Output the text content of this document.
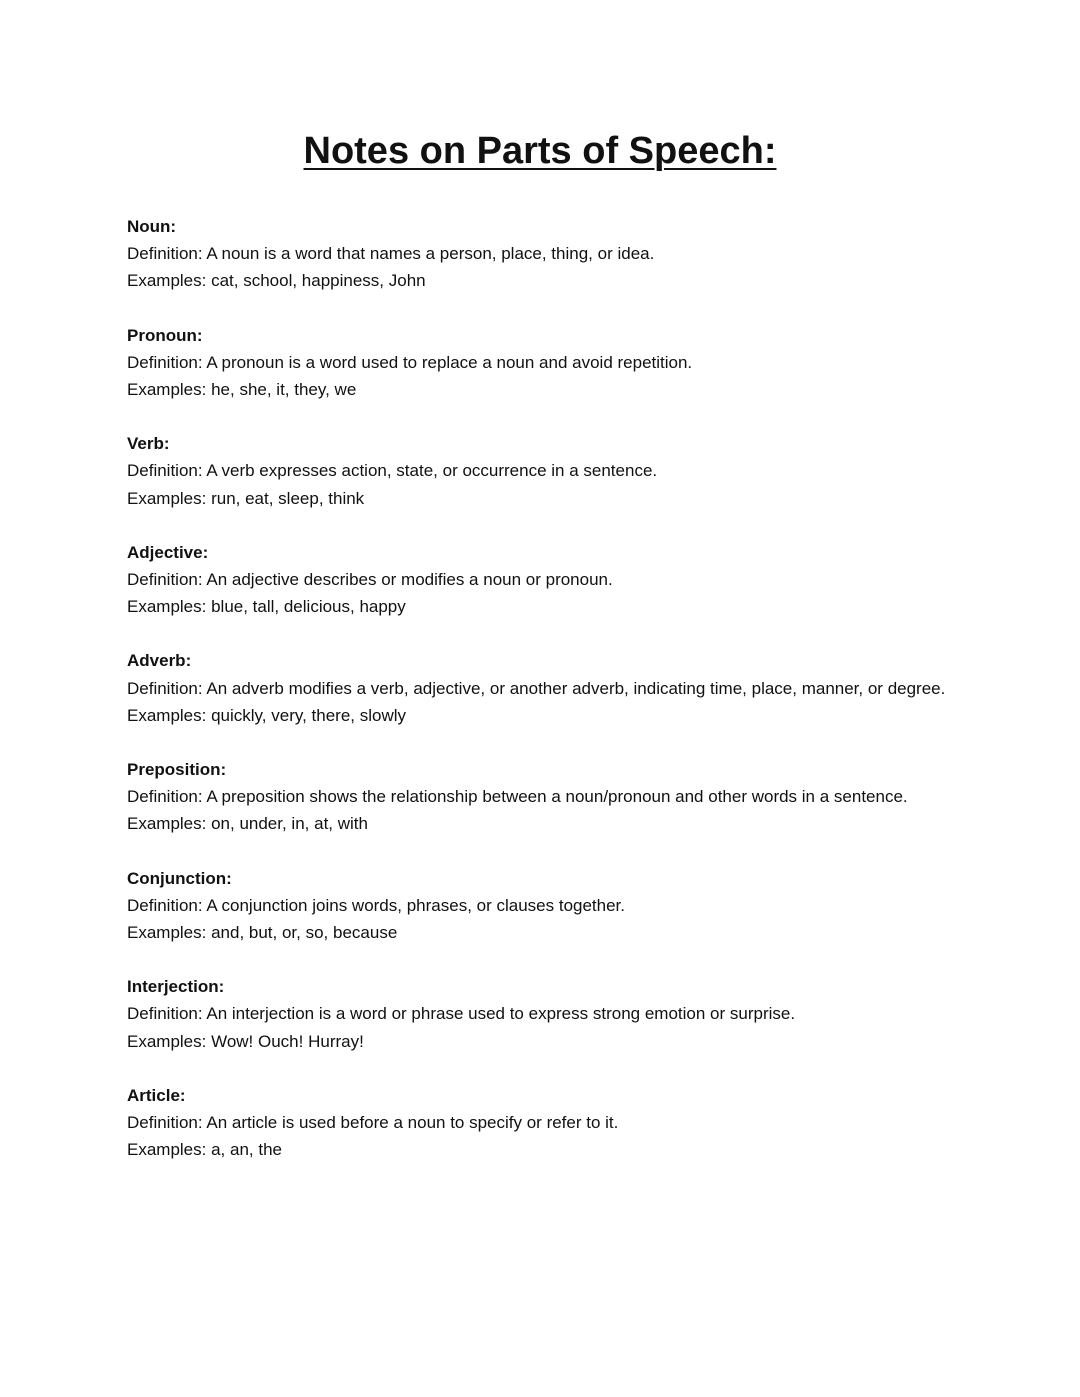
Notes on Parts of Speech:

Noun:

Definition: A noun is a word that names a person, place, thing, or idea.

Examples: cat, school, happiness, John

Pronoun:

Definition: A pronoun is a word used to replace a noun and avoid repetition.

Examples: he, she, it, they, we

Verb:

Definition: A verb expresses action, state, or occurrence in a sentence.

Examples: run, eat, sleep, think

Adjective:

Definition: An adjective describes or modifies a noun or pronoun.

Examples: blue, tall, delicious, happy

Adverb:

Definition: An adverb modifies a verb, adjective, or another adverb, indicating time, place, manner, or degree.

Examples: quickly, very, there, slowly

Preposition:

Definition: A preposition shows the relationship between a noun/pronoun and other words in a sentence.

Examples: on, under, in, at, with

Conjunction:

Definition: A conjunction joins words, phrases, or clauses together.

Examples: and, but, or, so, because

Interjection:

Definition: An interjection is a word or phrase used to express strong emotion or surprise.

Examples: Wow! Ouch! Hurray!

Article:

Definition: An article is used before a noun to specify or refer to it.

Examples: a, an, the
